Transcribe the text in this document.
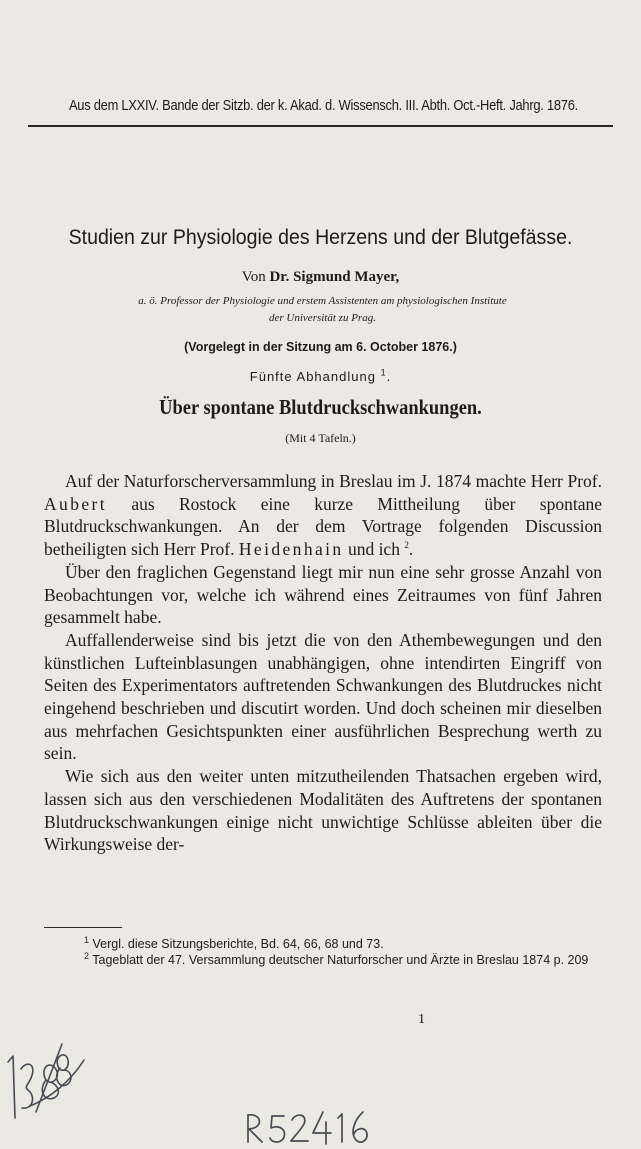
Aus dem LXXIV. Bande der Sitzb. der k. Akad. d. Wissensch. III. Abth. Oct.-Heft. Jahrg. 1876.
Studien zur Physiologie des Herzens und der Blutgefässe.
Von Dr. Sigmund Mayer,
a. ö. Professor der Physiologie und erstem Assistenten am physiologischen Institute
der Universität zu Prag.
(Vorgelegt in der Sitzung am 6. October 1876.)
Fünfte Abhandlung $^1$.
Über spontane Blutdruckschwankungen.
(Mit 4 Tafeln.)

Auf der Naturforscherversammlung in Breslau im J. 1874 machte Herr Prof. Aubert aus Rostock eine kurze Mittheilung über spontane Blutdruckschwankungen. An der dem Vortrage folgenden Discussion betheiligten sich Herr Prof. Heidenhain und ich $^2$.

Über den fraglichen Gegenstand liegt mir nun eine sehr grosse Anzahl von Beobachtungen vor, welche ich während eines Zeitraumes von fünf Jahren gesammelt habe.

Auffallenderweise sind bis jetzt die von den Athembewegungen und den künstlichen Lufteinblasungen unabhängigen, ohne intendirten Eingriff von Seiten des Experimentators auftretenden Schwankungen des Blutdruckes nicht eingehend beschrieben und discutirt worden. Und doch scheinen mir dieselben aus mehrfachen Gesichtspunkten einer ausführlichen Besprechung werth zu sein.

Wie sich aus den weiter unten mitzutheilenden Thatsachen ergeben wird, lassen sich aus den verschiedenen Modalitäten des Auftretens der spontanen Blutdruckschwankungen einige nicht unwichtige Schlüsse ableiten über die Wirkungsweise der-

$^1$ Vergl. diese Sitzungsberichte, Bd. 64, 66, 68 und 73.

$^2$ Tageblatt der 47. Versammlung deutscher Naturforscher und Ärzte in Breslau 1874 p. 209

1
